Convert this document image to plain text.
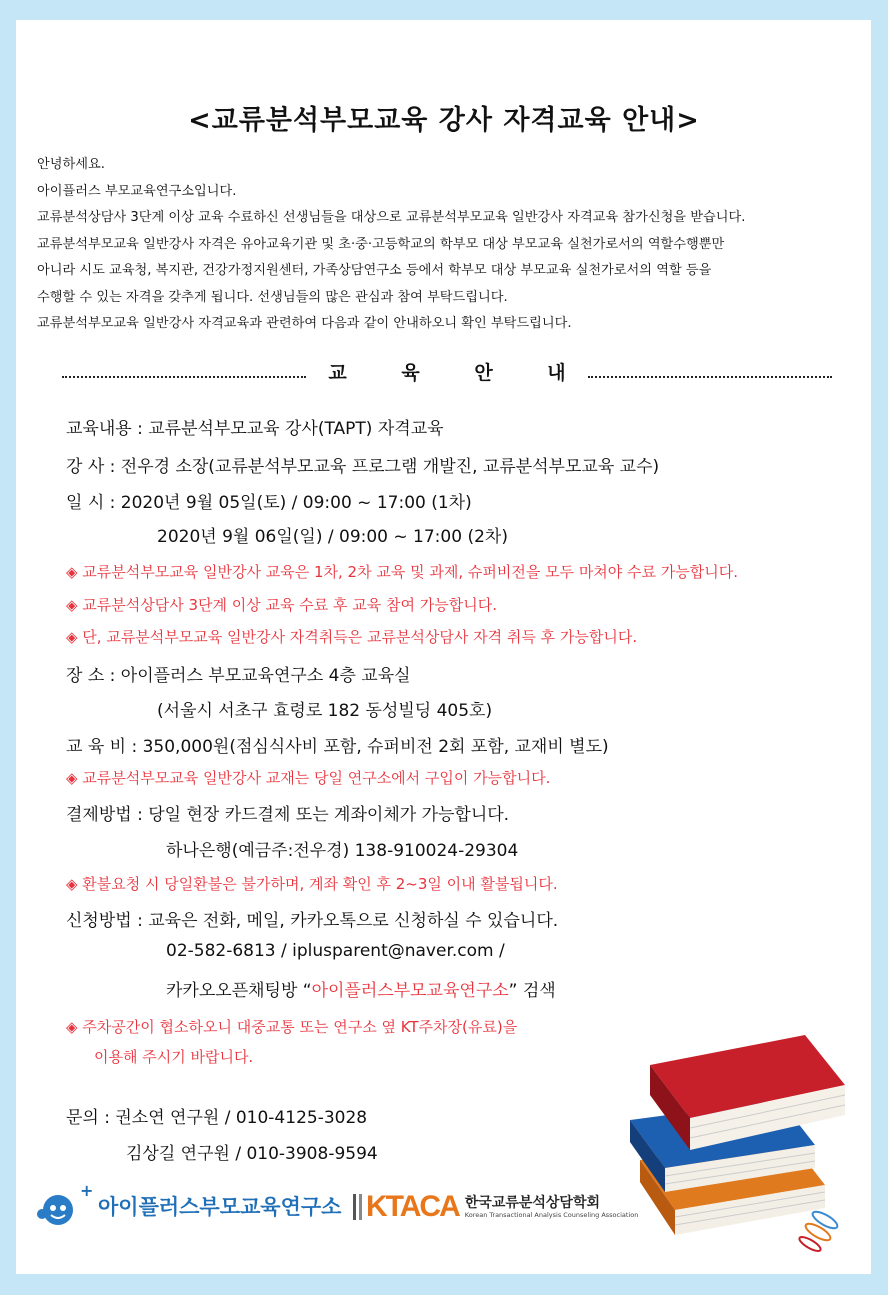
<교류분석부모교육 강사 자격교육 안내>
안녕하세요.
아이플러스 부모교육연구소입니다.
교류분석상담사 3단계 이상 교육 수료하신 선생님들을 대상으로 교류분석부모교육 일반강사 자격교육 참가신청을 받습니다.
교류분석부모교육 일반강사 자격은 유아교육기관 및 초·중·고등학교의 학부모 대상 부모교육 실천가로서의 역할수행뿐만
아니라 시도 교육청, 복지관, 건강가정지원센터, 가족상담연구소 등에서 학부모 대상 부모교육 실천가로서의 역할 등을
수행할 수 있는 자격을 갖추게 됩니다. 선생님들의 많은 관심과 참여 부탁드립니다.
교류분석부모교육 일반강사 자격교육과 관련하여 다음과 같이 안내하오니 확인 부탁드립니다.
교 육 안 내
교육내용 : 교류분석부모교육 강사(TAPT) 자격교육
강 사 : 전우경 소장(교류분석부모교육 프로그램 개발진, 교류분석부모교육 교수)
일 시 : 2020년 9월 05일(토) / 09:00 ~ 17:00 (1차)
2020년 9월 06일(일) / 09:00 ~ 17:00 (2차)
◈ 교류분석부모교육 일반강사 교육은 1차, 2차 교육 및 과제, 슈퍼비전을 모두 마쳐야 수료 가능합니다.
◈ 교류분석상담사 3단계 이상 교육 수료 후 교육 참여 가능합니다.
◈ 단, 교류분석부모교육 일반강사 자격취득은 교류분석상담사 자격 취득 후 가능합니다.
장 소 : 아이플러스 부모교육연구소 4층 교육실
(서울시 서초구 효령로 182 동성빌딩 405호)
교 육 비 : 350,000원(점심식사비 포함, 슈퍼비전 2회 포함, 교재비 별도)
◈ 교류분석부모교육 일반강사 교재는 당일 연구소에서 구입이 가능합니다.
결제방법 : 당일 현장 카드결제 또는 계좌이체가 가능합니다.
하나은행(예금주:전우경) 138-910024-29304
◈ 환불요청 시 당일환불은 불가하며, 계좌 확인 후 2~3일 이내 활불됩니다.
신청방법 : 교육은 전화, 메일, 카카오톡으로 신청하실 수 있습니다.
02-582-6813 / iplusparent@naver.com /
카카오오픈채팅방 “아이플러스부모교육연구소” 검색
◈ 주차공간이 협소하오니 대중교통 또는 연구소 옆 KT주차장(유료)을
이용해 주시기 바랍니다.
문의 : 권소연 연구원 / 010-4125-3028
김상길 연구원 / 010-3908-9594
+
아이플러스부모교육연구소 KTACA 한국교류분석상담학회
Korean Transactional Analysis Counseling Association
